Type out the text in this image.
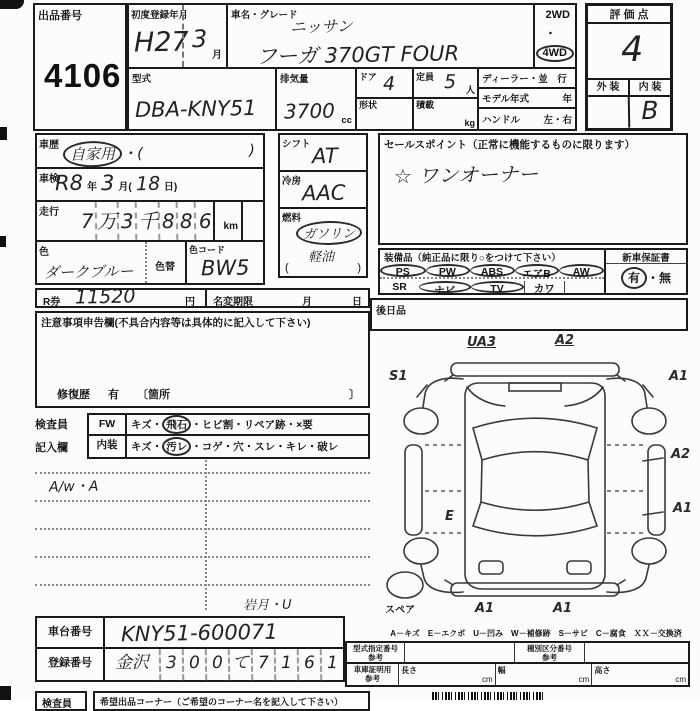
出品番号
4106
初度登録年月
H27 3
月
車名・グレード
ニッサン
フーガ 370GT FOUR
2WD
・
4WD
型式
DBA-KNY51
排気量
3700 cc
ドア 4
形状
定員 5 人
積載
kg
ディーラー・並　行
モデル年式	年
ハンドル 左・右
評 価 点
4
外 装	内 装
B
車歴 自家用 ・(	)
車検
R8 年 3 月( 18 日)
走行 7 万 3 千 8 8 6 km
色
ダークブルー 色替
色コード
BW5
シフト AT
冷房 AAC
燃料
ガソリン
軽油
(	)
セールスポイント（正常に機能するものに限ります）
☆ ワンオーナー
装備品（純正品に限り○をつけて下さい）
PS	PW	ABS	エアB	AW
SR	ナビ	TV	カワ
新車保証書
有 ・無
後日品
R券 11520	円 名変期限	月	日
注意事項申告欄(不具合内容等は具体的に記入して下さい)
修復歴 有 〔箇所	〕
検査員
記入欄
FW	キズ・ 飛石 ・ヒビ割・リペア跡・×要
内装	キズ・ 汚レ ・コゲ・穴・スレ・キレ・破レ
A/w・A
岩月・U
車台番号	KNY51-600071
登録番号	金沢 3 0 0 て 7 1 6 1
検査員	希望出品コーナー（ご希望のコーナー名を記入して下さい）
UA3	A2
S1	A1
A2
A1
E
スペア	A1	A1
A－キズ　E－エクボ　U－凹み　W－補修跡　S－サビ　C－腐食　ＸＸ－交換済
型式指定番号
参考
種別区分番号
参考
車庫証明用
参考
長さ
cm
幅
cm
高さ
cm
